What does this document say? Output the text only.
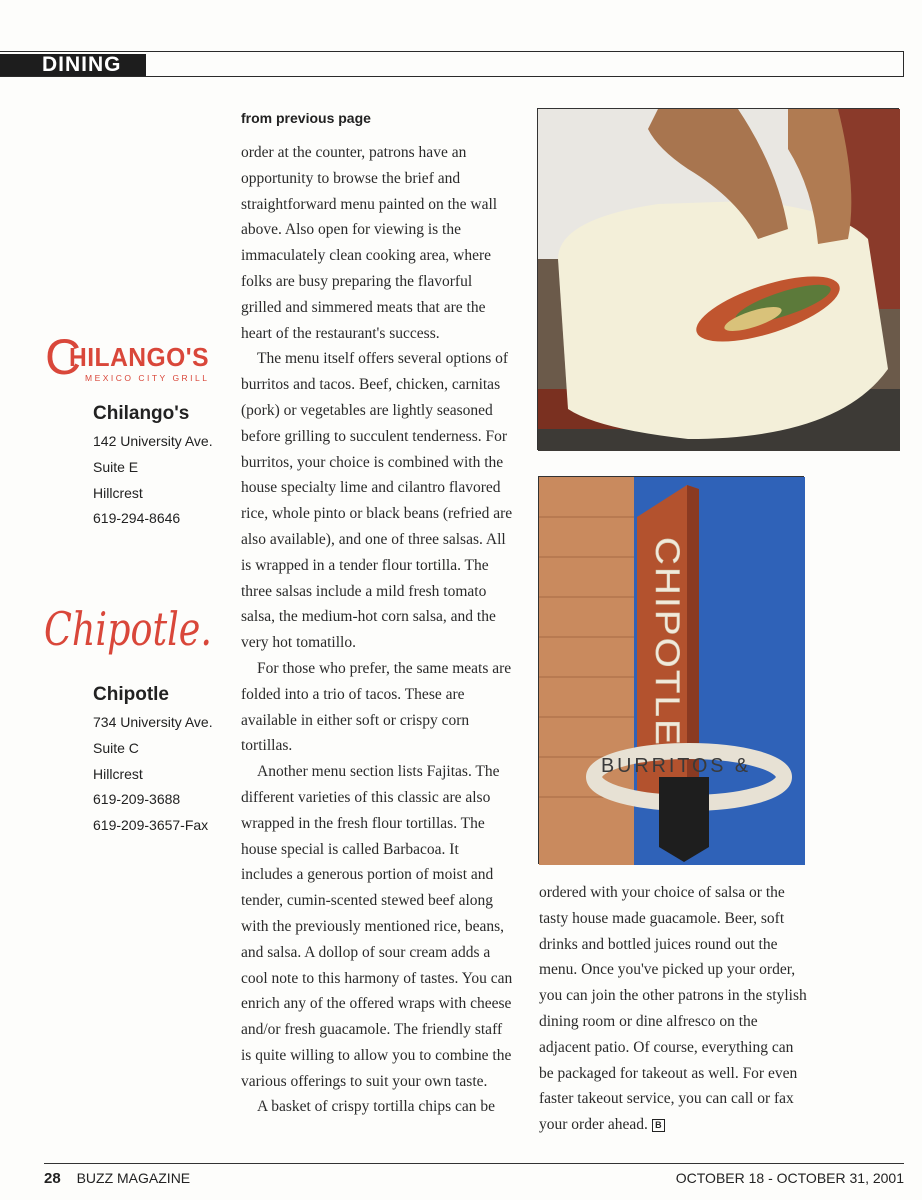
DINING
C
HILANGO'S
MEXICO CITY GRILL
Chilango's
142 University Ave.
Suite E
Hillcrest
619-294-8646
Chipotle.
Chipotle
734 University Ave.
Suite C
Hillcrest
619-209-3688
619-209-3657-Fax
from previous page

order at the counter, patrons have an opportunity to browse the brief and straightforward menu painted on the wall above. Also open for viewing is the immaculately clean cooking area, where folks are busy preparing the flavorful grilled and simmered meats that are the heart of the restaurant's success.

The menu itself offers several options of burritos and tacos. Beef, chicken, carnitas (pork) or vegetables are lightly seasoned before grilling to succulent tenderness. For burritos, your choice is combined with the house specialty lime and cilantro flavored rice, whole pinto or black beans (refried are also available), and one of three salsas. All is wrapped in a tender flour tortilla. The three salsas include a mild fresh tomato salsa, the medium-hot corn salsa, and the very hot tomatillo.

For those who prefer, the same meats are folded into a trio of tacos. These are available in either soft or crispy corn tortillas.

Another menu section lists Fajitas. The different varieties of this classic are also wrapped in the fresh flour tortillas. The house special is called Barbacoa. It includes a generous portion of moist and tender, cumin-scented stewed beef along with the previously mentioned rice, beans, and salsa. A dollop of sour cream adds a cool note to this harmony of tastes. You can enrich any of the offered wraps with cheese and/or fresh guacamole. The friendly staff is quite willing to allow you to combine the various offerings to suit your own taste.

A basket of crispy tortilla chips can be

CHIPOTLE
BURRITOS &

ordered with your choice of salsa or the tasty house made guacamole. Beer, soft drinks and bottled juices round out the menu. Once you've picked up your order, you can join the other patrons in the stylish dining room or dine alfresco on the adjacent patio. Of course, everything can be packaged for takeout as well. For even faster takeout service, you can call or fax your order ahead. B

28 BUZZ MAGAZINE	OCTOBER 18 - OCTOBER 31, 2001
